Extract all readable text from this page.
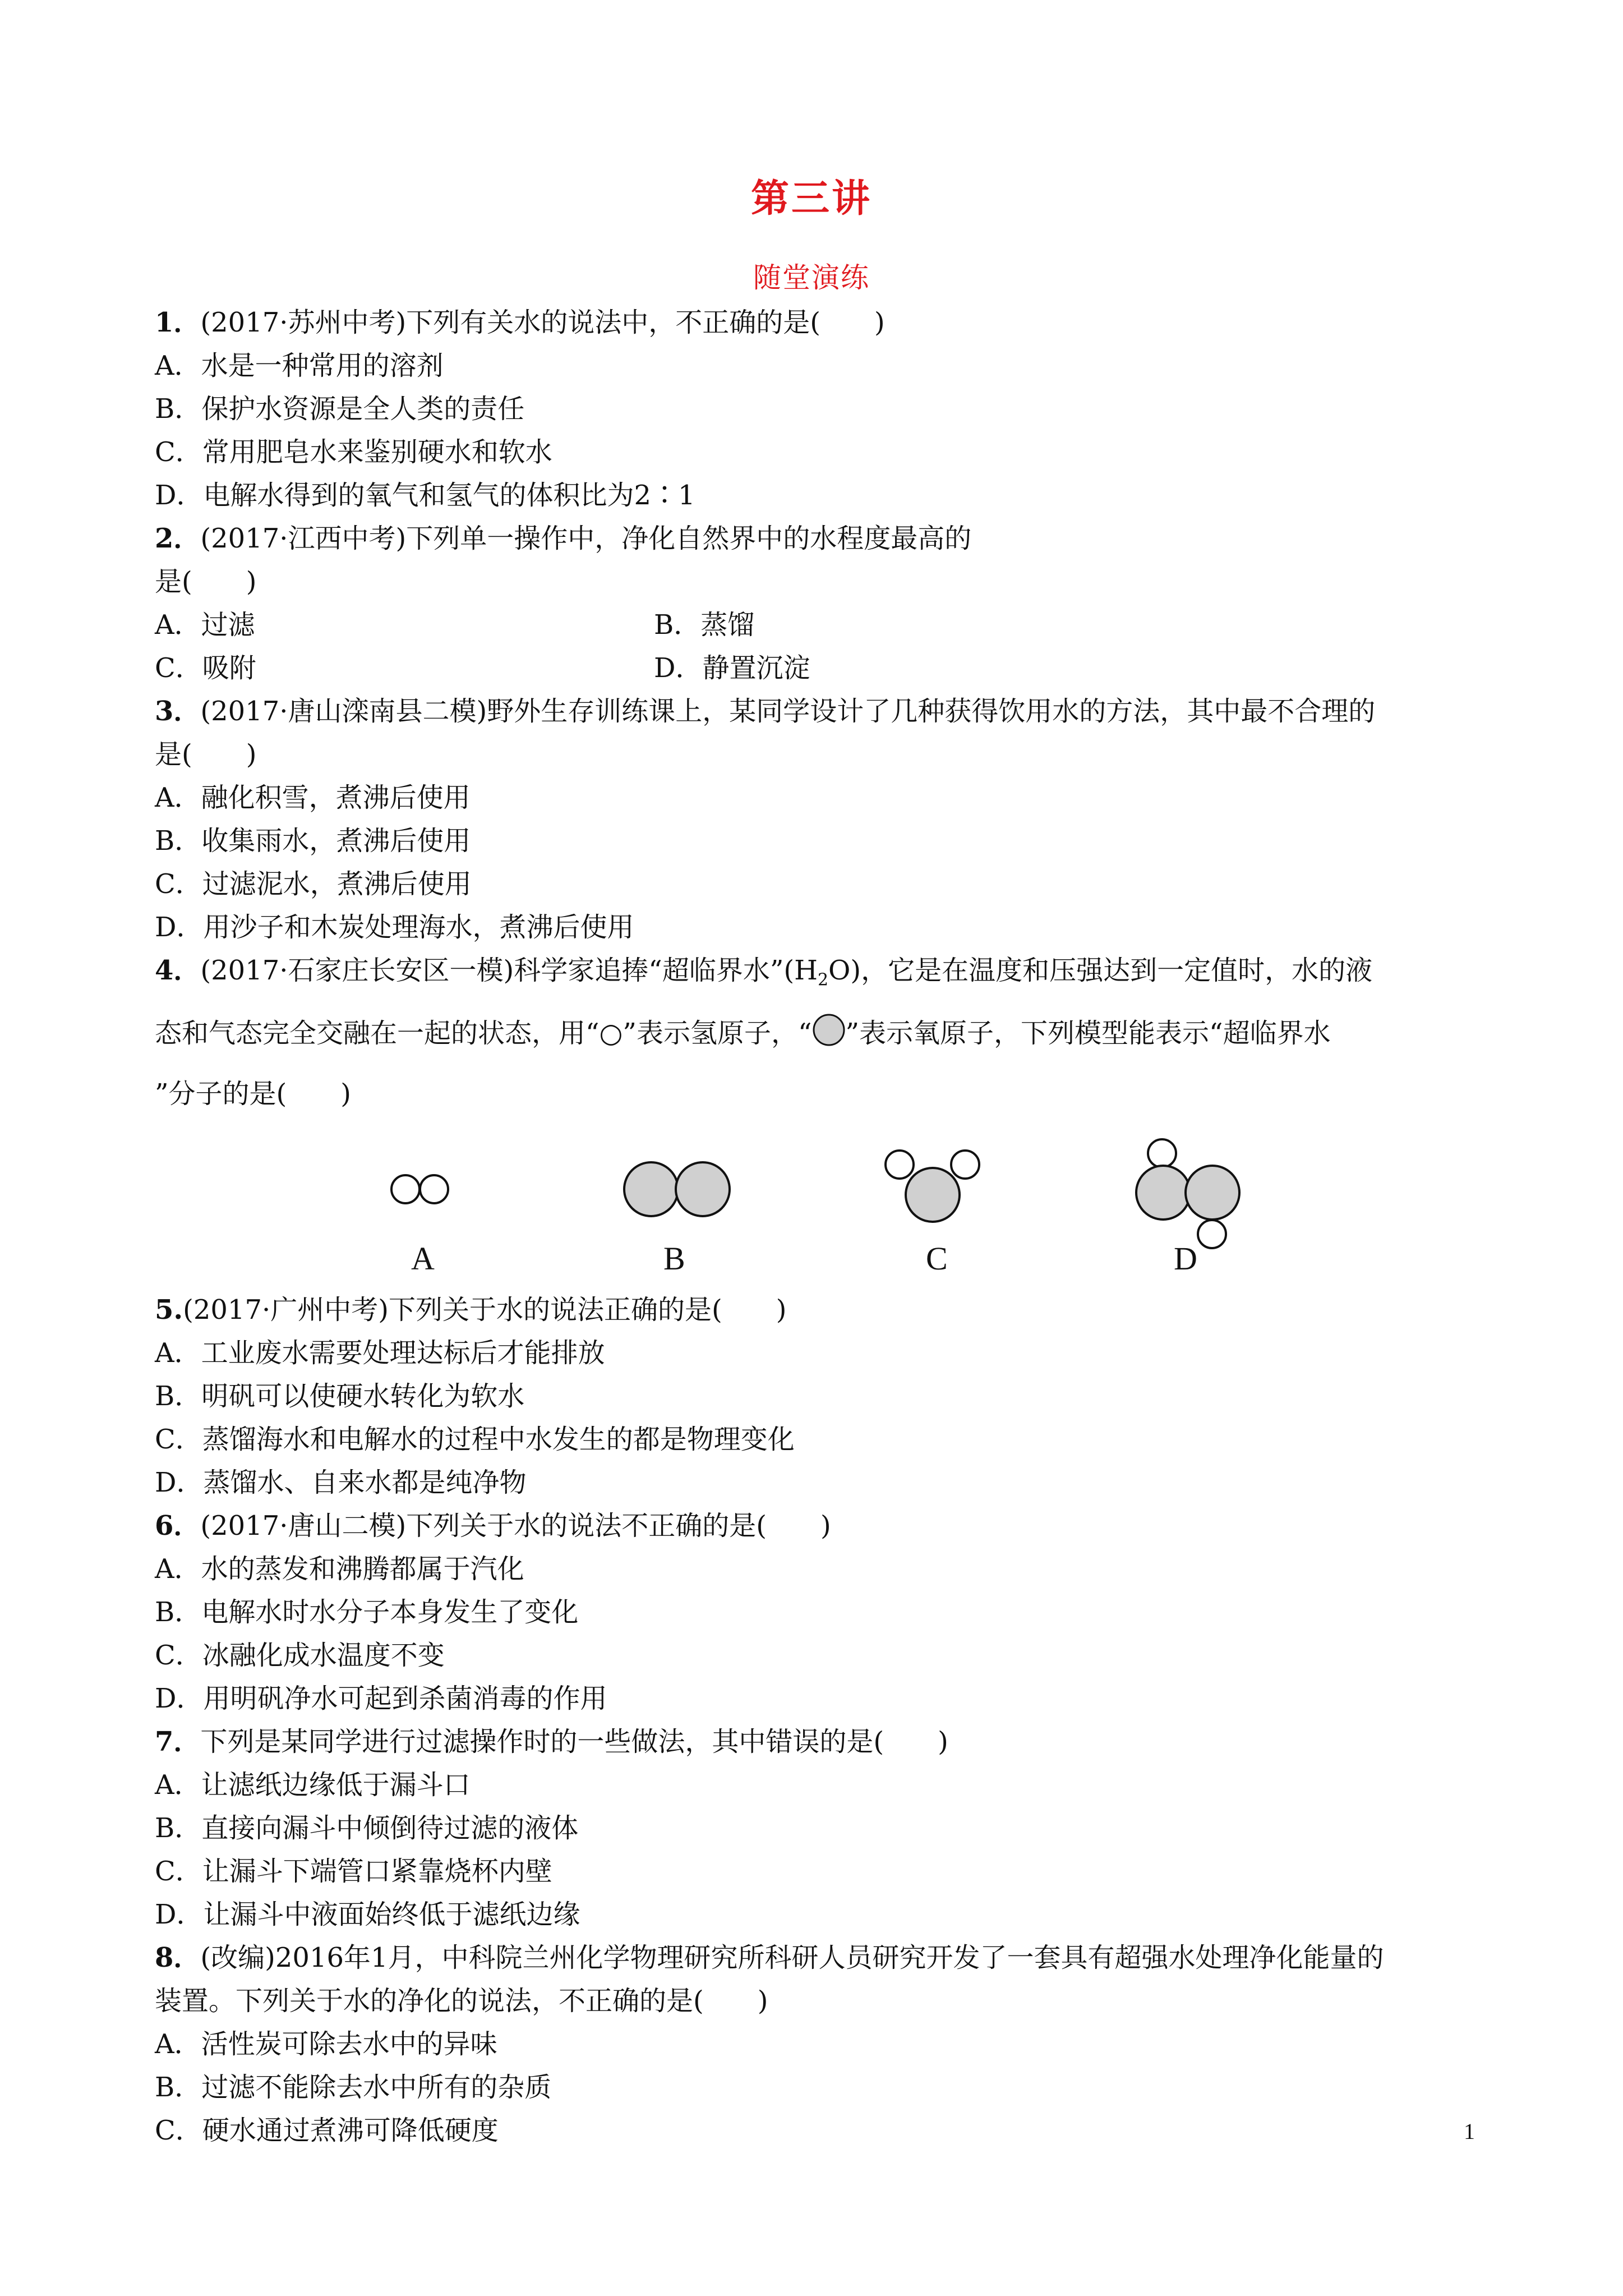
第三讲
随堂演练
1．(2017·苏州中考)下列有关水的说法中，不正确的是(　　)
A．水是一种常用的溶剂
B．保护水资源是全人类的责任
C．常用肥皂水来鉴别硬水和软水
D．电解水得到的氧气和氢气的体积比为2∶1
2．(2017·江西中考)下列单一操作中，净化自然界中的水程度最高的
是(　　)
A．过滤	B．蒸馏
C．吸附	D．静置沉淀
3．(2017·唐山滦南县二模)野外生存训练课上，某同学设计了几种获得饮用水的方法，其中最不合理的
是(　　)
A．融化积雪，煮沸后使用
B．收集雨水，煮沸后使用
C．过滤泥水，煮沸后使用
D．用沙子和木炭处理海水，煮沸后使用
4．(2017·石家庄长安区一模)科学家追捧“超临界水$”(H_2O)$，它是在温度和压强达到一定值时，水的液
态和气态完全交融在一起的状态，用“○”表示氢原子，“ ”表示氧原子，下列模型能表示“超临界水
”分子的是(　　)
A	B	C	D
5.(2017·广州中考)下列关于水的说法正确的是(　　)
A．工业废水需要处理达标后才能排放
B．明矾可以使硬水转化为软水
C．蒸馏海水和电解水的过程中水发生的都是物理变化
D．蒸馏水、自来水都是纯净物
6．(2017·唐山二模)下列关于水的说法不正确的是(　　)
A．水的蒸发和沸腾都属于汽化
B．电解水时水分子本身发生了变化
C．冰融化成水温度不变
D．用明矾净水可起到杀菌消毒的作用
7．下列是某同学进行过滤操作时的一些做法，其中错误的是(　　)
A．让滤纸边缘低于漏斗口
B．直接向漏斗中倾倒待过滤的液体
C．让漏斗下端管口紧靠烧杯内壁
D．让漏斗中液面始终低于滤纸边缘
8．(改编)2016年1月，中科院兰州化学物理研究所科研人员研究开发了一套具有超强水处理净化能量的
装置。下列关于水的净化的说法，不正确的是(　　)
A．活性炭可除去水中的异味
B．过滤不能除去水中所有的杂质
C．硬水通过煮沸可降低硬度	1
